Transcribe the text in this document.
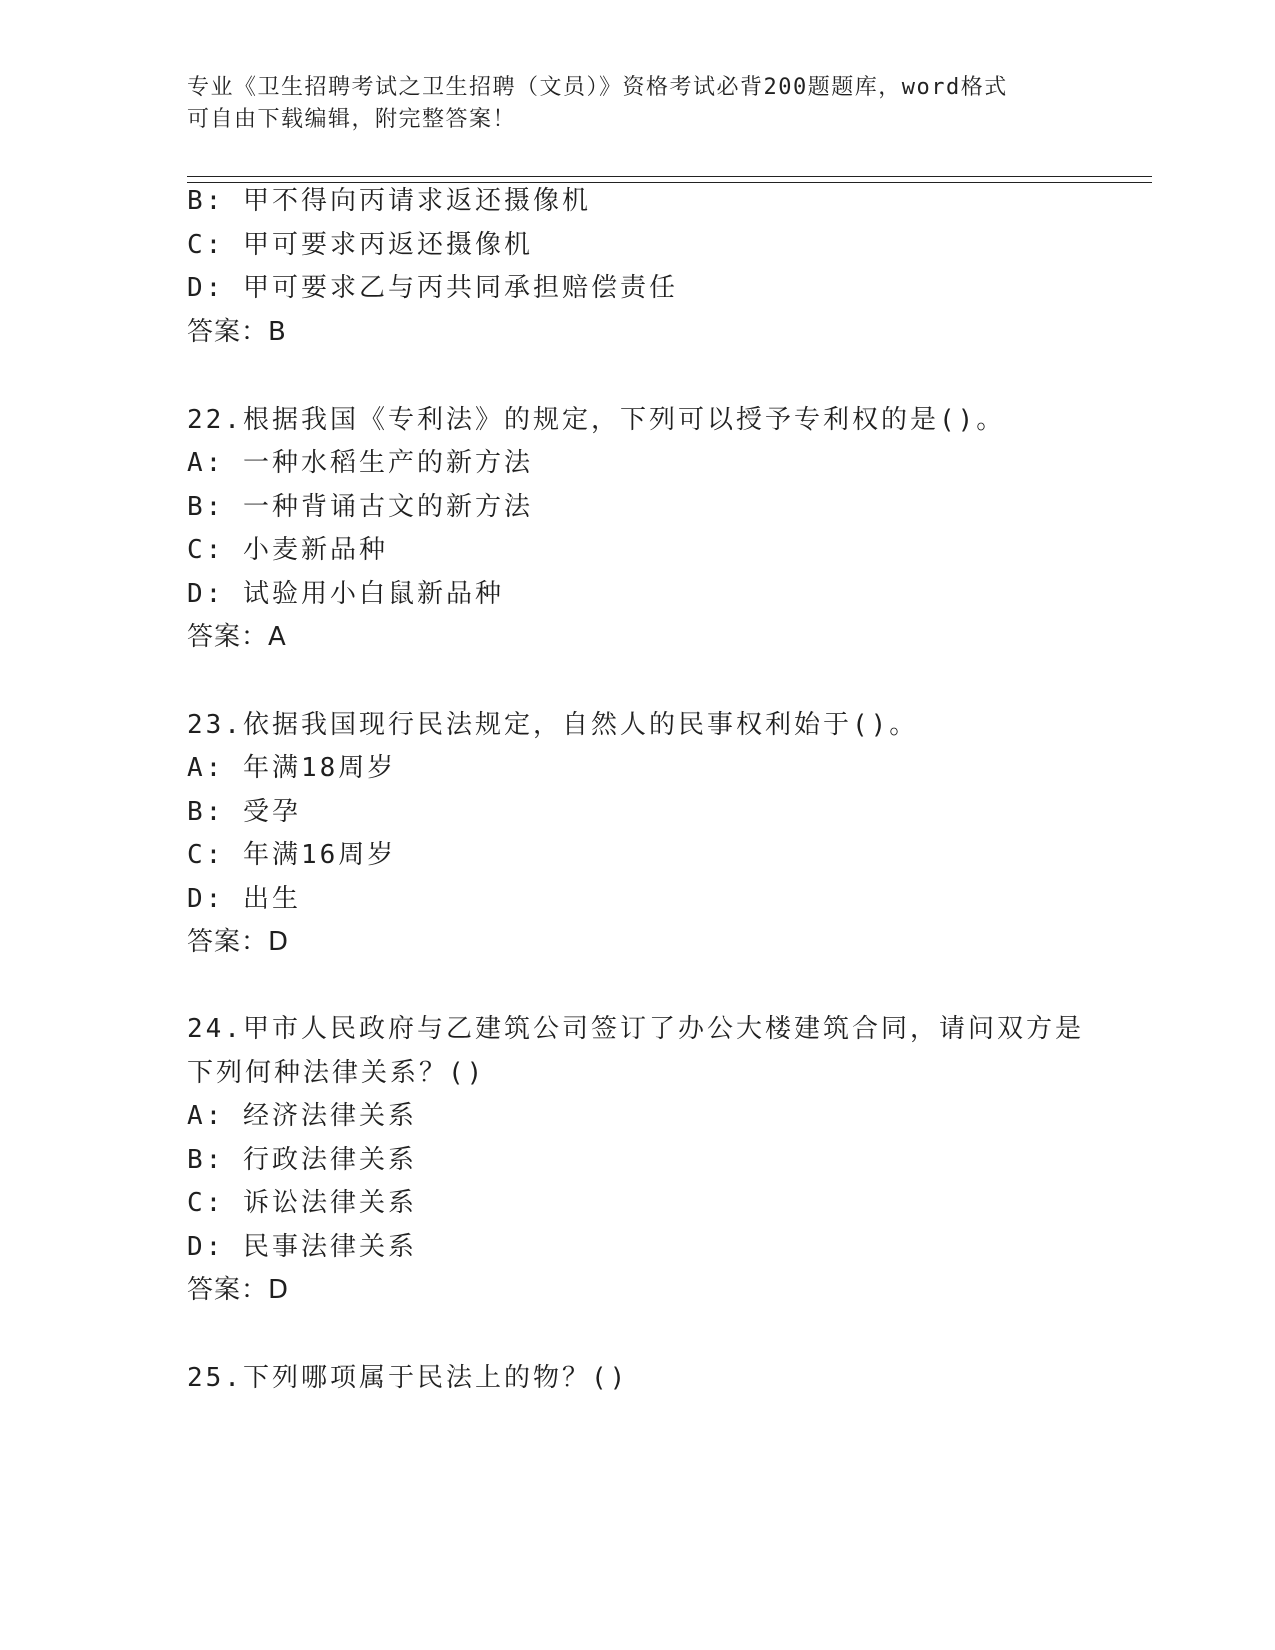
专业《卫生招聘考试之卫生招聘（文员）》资格考试必背200题题库，word格式
可自由下载编辑，附完整答案！
B: 甲不得向丙请求返还摄像机
C: 甲可要求丙返还摄像机
D: 甲可要求乙与丙共同承担赔偿责任
答案：B
22.根据我国《专利法》的规定，下列可以授予专利权的是()。
A: 一种水稻生产的新方法
B: 一种背诵古文的新方法
C: 小麦新品种
D: 试验用小白鼠新品种
答案：A
23.依据我国现行民法规定，自然人的民事权利始于()。
A: 年满18周岁
B: 受孕
C: 年满16周岁
D: 出生
答案：D
24.甲市人民政府与乙建筑公司签订了办公大楼建筑合同，请问双方是
下列何种法律关系？()
A: 经济法律关系
B: 行政法律关系
C: 诉讼法律关系
D: 民事法律关系
答案：D
25.下列哪项属于民法上的物？()
